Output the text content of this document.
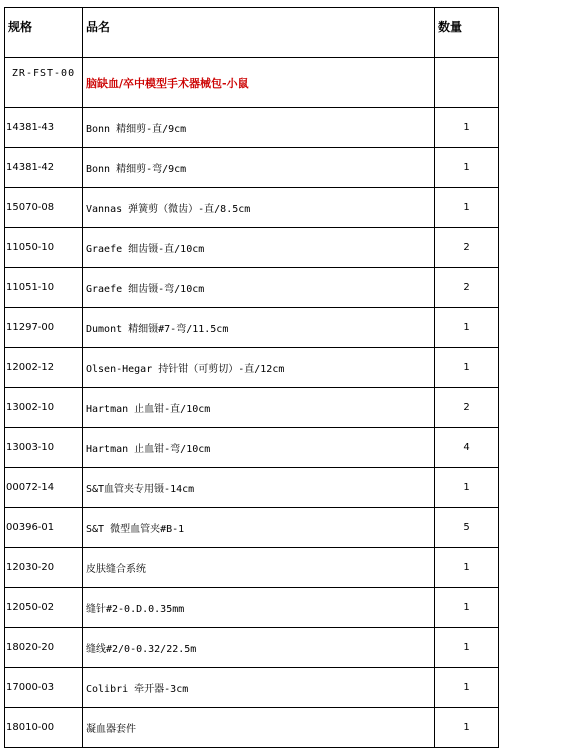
规格	品名	数量
ZR-FST-00	脑缺血/卒中模型手术器械包-小鼠	
14381-43	Bonn 精细剪-直/9cm	1
14381-42	Bonn 精细剪-弯/9cm	1
15070-08	Vannas 弹簧剪（微齿）-直/8.5cm	1
11050-10	Graefe 细齿镊-直/10cm	2
11051-10	Graefe 细齿镊-弯/10cm	2
11297-00	Dumont 精细镊#7-弯/11.5cm	1
12002-12	Olsen-Hegar 持针钳（可剪切）-直/12cm	1
13002-10	Hartman 止血钳-直/10cm	2
13003-10	Hartman 止血钳-弯/10cm	4
00072-14	S&T血管夹专用镊-14cm	1
00396-01	S&T 微型血管夹#B-1	5
12030-20	皮肤缝合系统	1
12050-02	缝针#2-0.D.0.35mm	1
18020-20	缝线#2/0-0.32/22.5m	1
17000-03	Colibri 牵开器-3cm	1
18010-00	凝血器套件	1
